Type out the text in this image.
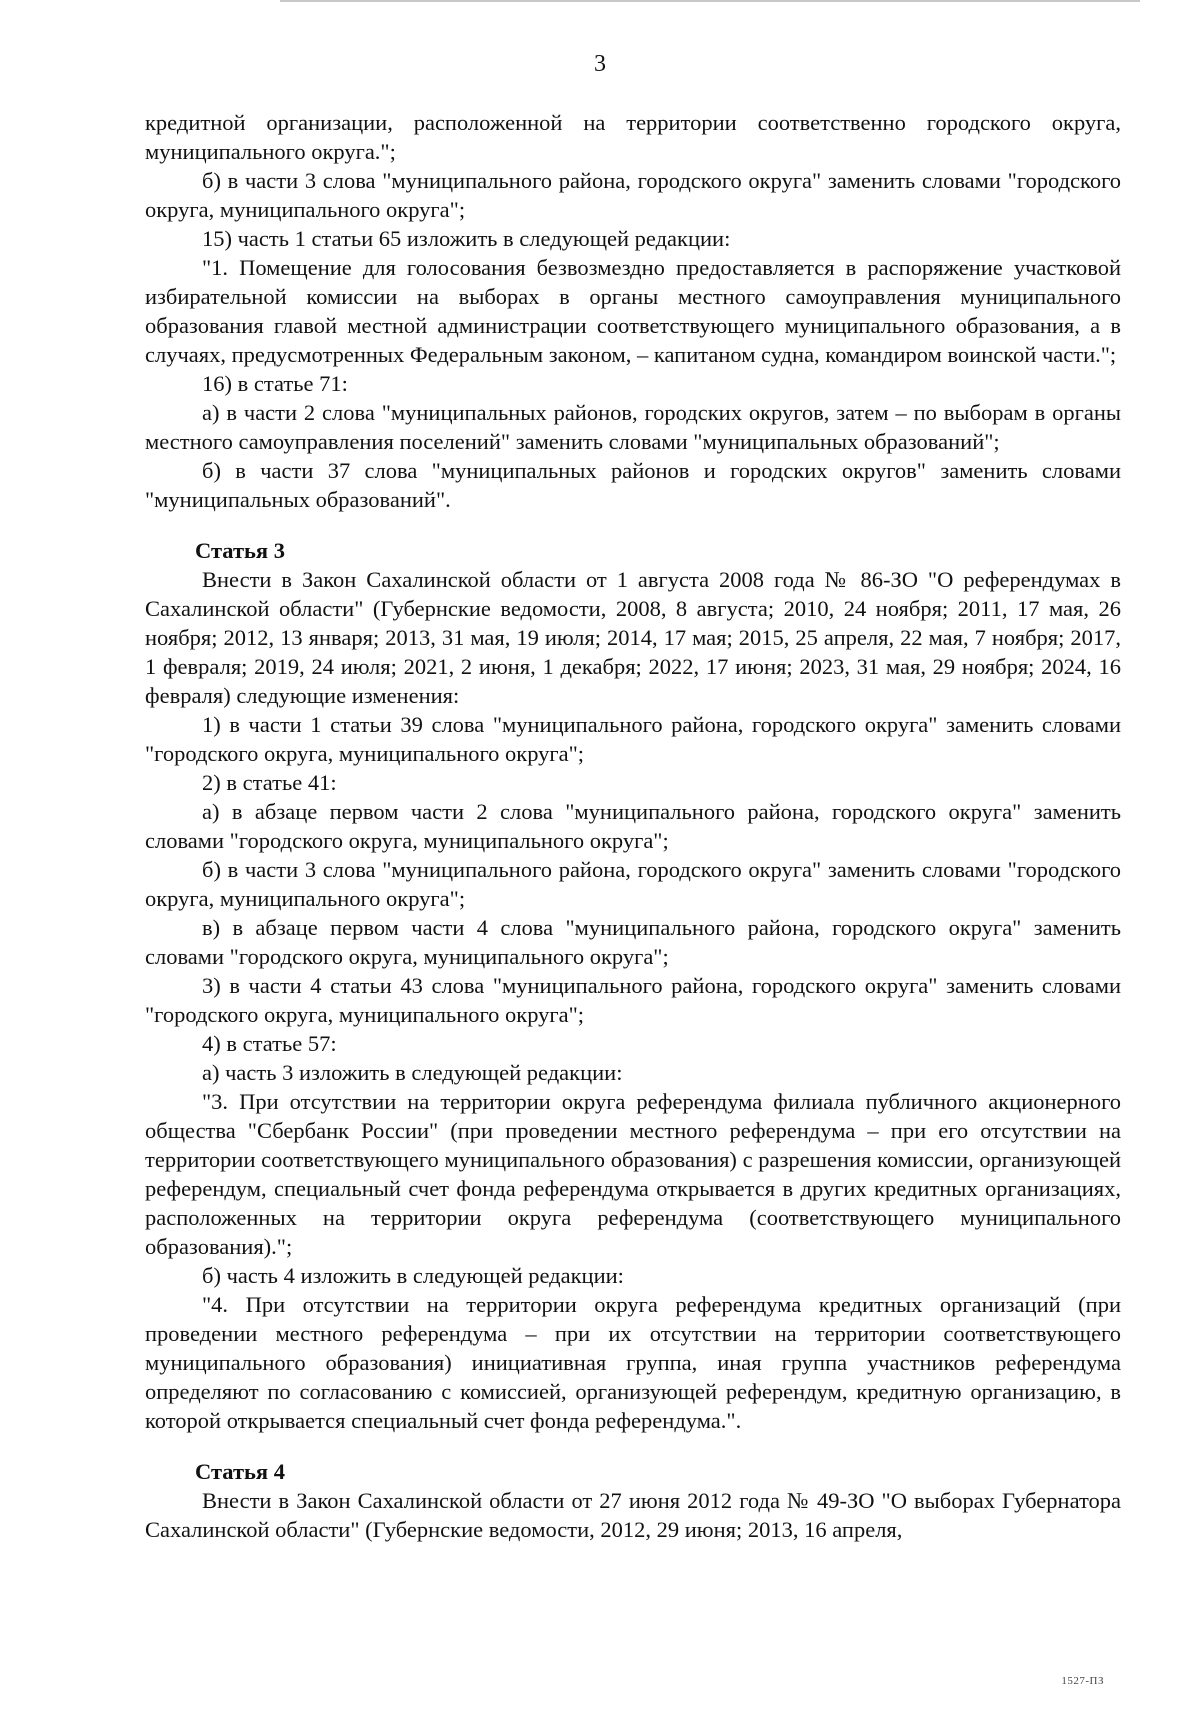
3

кредитной организации, расположенной на территории соответственно городского округа, муниципального округа.";

б) в части 3 слова "муниципального района, городского округа" заменить словами "городского округа, муниципального округа";

15) часть 1 статьи 65 изложить в следующей редакции:

"1. Помещение для голосования безвозмездно предоставляется в распоряжение участковой избирательной комиссии на выборах в органы местного самоуправления муниципального образования главой местной администрации соответствующего муниципального образования, а в случаях, предусмотренных Федеральным законом, – капитаном судна, командиром воинской части.";

16) в статье 71:

а) в части 2 слова "муниципальных районов, городских округов, затем – по выборам в органы местного самоуправления поселений" заменить словами "муниципальных образований";

б) в части 37 слова "муниципальных районов и городских округов" заменить словами "муниципальных образований".

Статья 3

Внести в Закон Сахалинской области от 1 августа 2008 года № 86-ЗО "О референдумах в Сахалинской области" (Губернские ведомости, 2008, 8 августа; 2010, 24 ноября; 2011, 17 мая, 26 ноября; 2012, 13 января; 2013, 31 мая, 19 июля; 2014, 17 мая; 2015, 25 апреля, 22 мая, 7 ноября; 2017, 1 февраля; 2019, 24 июля; 2021, 2 июня, 1 декабря; 2022, 17 июня; 2023, 31 мая, 29 ноября; 2024, 16 февраля) следующие изменения:

1) в части 1 статьи 39 слова "муниципального района, городского округа" заменить словами "городского округа, муниципального округа";

2) в статье 41:

а) в абзаце первом части 2 слова "муниципального района, городского округа" заменить словами "городского округа, муниципального округа";

б) в части 3 слова "муниципального района, городского округа" заменить словами "городского округа, муниципального округа";

в) в абзаце первом части 4 слова "муниципального района, городского округа" заменить словами "городского округа, муниципального округа";

3) в части 4 статьи 43 слова "муниципального района, городского округа" заменить словами "городского округа, муниципального округа";

4) в статье 57:

а) часть 3 изложить в следующей редакции:

"3. При отсутствии на территории округа референдума филиала публичного акционерного общества "Сбербанк России" (при проведении местного референдума – при его отсутствии на территории соответствующего муниципального образования) с разрешения комиссии, организующей референдум, специальный счет фонда референдума открывается в других кредитных организациях, расположенных на территории округа референдума (соответствующего муниципального образования).";

б) часть 4 изложить в следующей редакции:

"4. При отсутствии на территории округа референдума кредитных организаций (при проведении местного референдума – при их отсутствии на территории соответствующего муниципального образования) инициативная группа, иная группа участников референдума определяют по согласованию с комиссией, организующей референдум, кредитную организацию, в которой открывается специальный счет фонда референдума.".

Статья 4

Внести в Закон Сахалинской области от 27 июня 2012 года № 49-ЗО "О выборах Губернатора Сахалинской области" (Губернские ведомости, 2012, 29 июня; 2013, 16 апреля,

1527-ПЗ
